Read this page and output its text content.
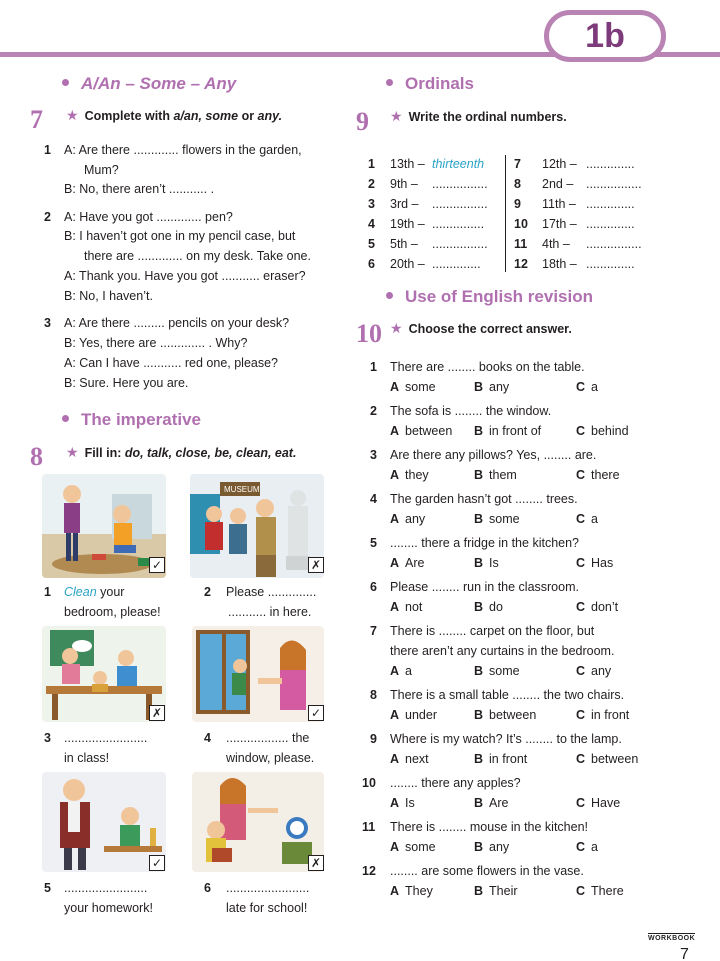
1b
A/An – Some – Any
7 ★ Complete with a/an, some or any.
1 A: Are there ............. flowers in the garden,
Mum?
B: No, there aren’t ........... .
2 A: Have you got ............. pen?
B: I haven’t got one in my pencil case, but
there are ............. on my desk. Take one.
A: Thank you. Have you got ........... eraser?
B: No, I haven’t.
3 A: Are there ......... pencils on your desk?
B: Yes, there are ............. . Why?
A: Can I have ........... red one, please?
B: Sure. Here you are.
The imperative
8 ★ Fill in: do, talk, close, be, clean, eat.
✓
MUSEUM
✗
1 Clean your
bedroom, please!
2 Please ..............
........... in here.
✗	✓
3 ........................
in class!
4 .................. the
window, please.
✓	✗
5 ........................
your homework!
6 ........................
late for school!
Ordinals
9 ★ Write the ordinal numbers.
1 13th – thirteenth
2 9th – ................
3 3rd – ................
4 19th – ...............
5 5th – ................
6 20th – ..............
7 12th – ..............
8 2nd – ................
9 11th – ..............
10 17th – ..............
11 4th – ................
12 18th – ..............
Use of English revision
10 ★ Choose the correct answer.
1 There are ........ books on the table.
A some	B any	C a
2 The sofa is ........ the window.
A between B in front of	C behind
3 Are there any pillows? Yes, ........ are.
A they	B them	C there
4 The garden hasn’t got ........ trees.
A any	B some	C a
5 ........ there a fridge in the kitchen?
A Are	B Is	C Has
6 Please ........ run in the classroom.
A not	B do	C don’t
7 There is ........ carpet on the floor, but
there aren’t any curtains in the bedroom.
A a	B some	C any
8 There is a small table ........ the two chairs.
A under	B between	C in front
9 Where is my watch? It’s ........ to the lamp.
A next	B in front	C between
10 ........ there any apples?
A Is	B Are	C Have
11 There is ........ mouse in the kitchen!
A some	B any	C a
12 ........ are some flowers in the vase.
A They	B Their	C There
WORKBOOK
7
